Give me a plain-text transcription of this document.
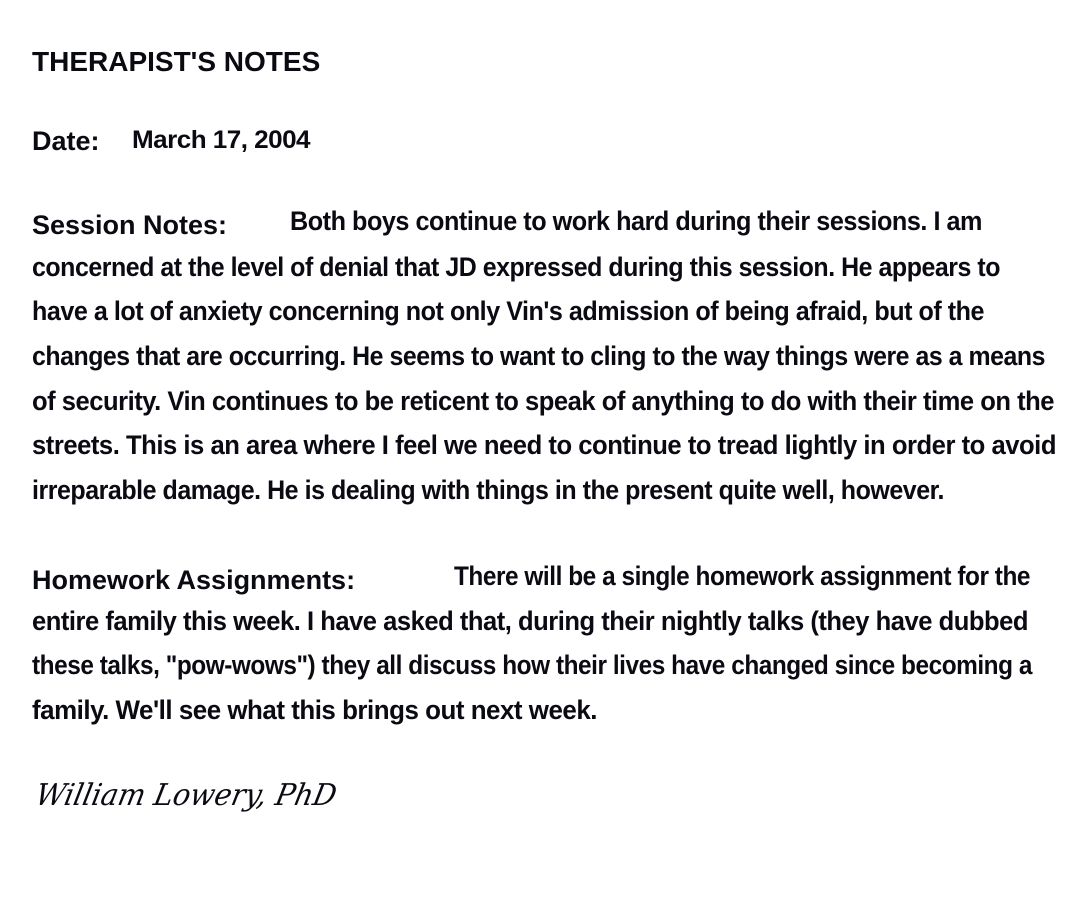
THERAPIST'S NOTES
Date: March 17, 2004
Session Notes: Both boys continue to work hard during their sessions. I am
concerned at the level of denial that JD expressed during this session. He appears to
have a lot of anxiety concerning not only Vin's admission of being afraid, but of the
changes that are occurring. He seems to want to cling to the way things were as a means
of security. Vin continues to be reticent to speak of anything to do with their time on the
streets. This is an area where I feel we need to continue to tread lightly in order to avoid
irreparable damage. He is dealing with things in the present quite well, however.
Homework Assignments:	There will be a single homework assignment for the
entire family this week. I have asked that, during their nightly talks (they have dubbed
these talks, "pow-wows") they all discuss how their lives have changed since becoming a
family. We'll see what this brings out next week.
William Lowery, PhD
